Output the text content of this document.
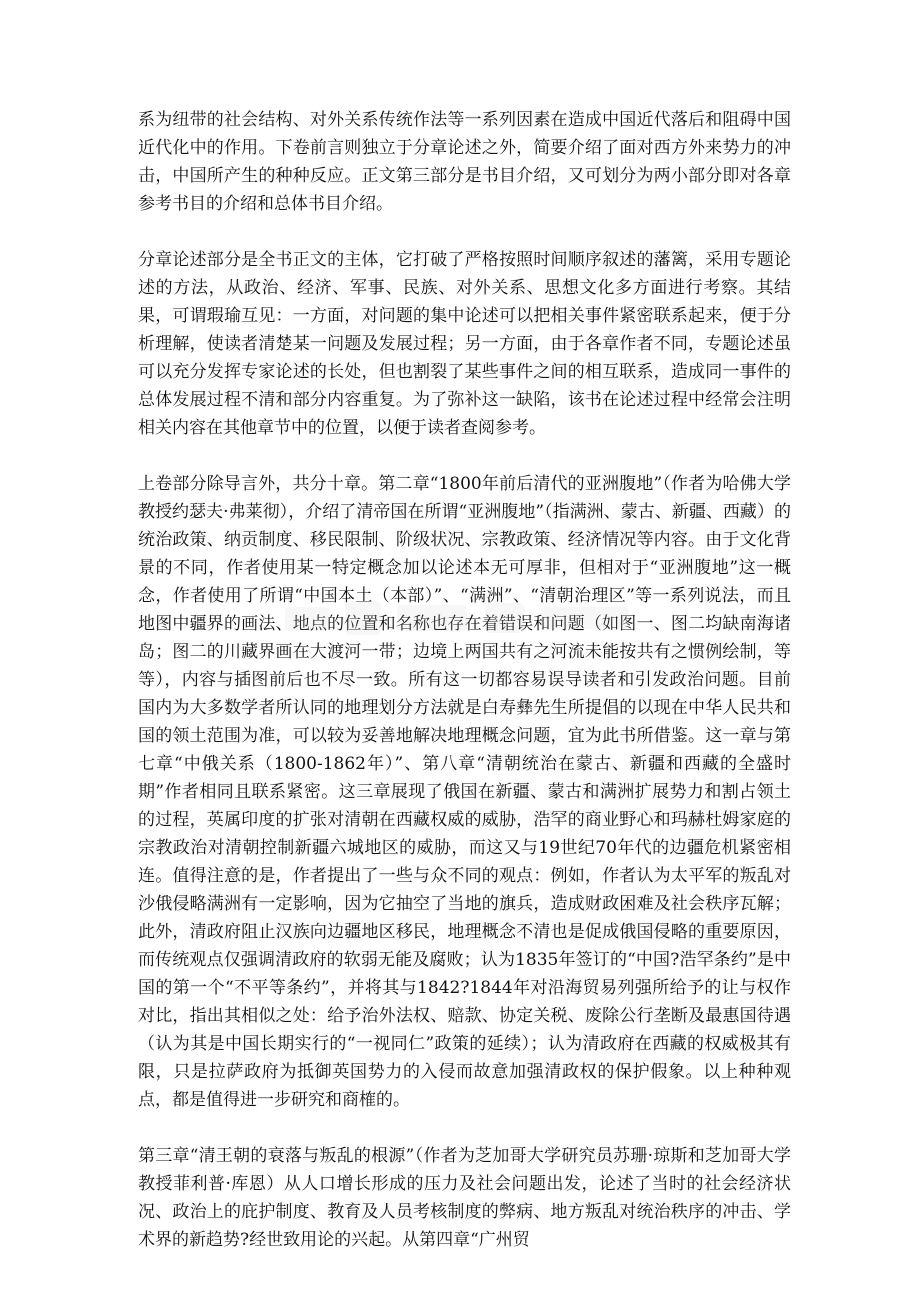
系为纽带的社会结构、对外关系传统作法等一系列因素在造成中国近代落后和阻碍中国近代化中的作用。下卷前言则独立于分章论述之外，简要介绍了面对西方外来势力的冲击，中国所产生的种种反应。正文第三部分是书目介绍，又可划分为两小部分即对各章参考书目的介绍和总体书目介绍。

分章论述部分是全书正文的主体，它打破了严格按照时间顺序叙述的藩篱，采用专题论述的方法，从政治、经济、军事、民族、对外关系、思想文化多方面进行考察。其结果，可谓瑕瑜互见：一方面，对问题的集中论述可以把相关事件紧密联系起来，便于分析理解，使读者清楚某一问题及发展过程；另一方面，由于各章作者不同，专题论述虽可以充分发挥专家论述的长处，但也割裂了某些事件之间的相互联系，造成同一事件的总体发展过程不清和部分内容重复。为了弥补这一缺陷，该书在论述过程中经常会注明相关内容在其他章节中的位置，以便于读者查阅参考。

上卷部分除导言外，共分十章。第二章“1800年前后清代的亚洲腹地”（作者为哈佛大学教授约瑟夫·弗莱彻），介绍了清帝国在所谓“亚洲腹地”（指满洲、蒙古、新疆、西藏）的统治政策、纳贡制度、移民限制、阶级状况、宗教政策、经济情况等内容。由于文化背景的不同，作者使用某一特定概念加以论述本无可厚非，但相对于“亚洲腹地”这一概念，作者使用了所谓“中国本土（本部）”、“满洲”、“清朝治理区”等一系列说法，而且地图中疆界的画法、地点的位置和名称也存在着错误和问题（如图一、图二均缺南海诸岛；图二的川藏界画在大渡河一带；边境上两国共有之河流未能按共有之惯例绘制，等等），内容与插图前后也不尽一致。所有这一切都容易误导读者和引发政治问题。目前国内为大多数学者所认同的地理划分方法就是白寿彝先生所提倡的以现在中华人民共和国的领土范围为准，可以较为妥善地解决地理概念问题，宜为此书所借鉴。这一章与第七章“中俄关系（1800-1862年）”、第八章“清朝统治在蒙古、新疆和西藏的全盛时期”作者相同且联系紧密。这三章展现了俄国在新疆、蒙古和满洲扩展势力和割占领土的过程，英属印度的扩张对清朝在西藏权威的威胁，浩罕的商业野心和玛赫杜姆家庭的宗教政治对清朝控制新疆六城地区的威胁，而这又与19世纪70年代的边疆危机紧密相连。值得注意的是，作者提出了一些与众不同的观点：例如，作者认为太平军的叛乱对沙俄侵略满洲有一定影响，因为它抽空了当地的旗兵，造成财政困难及社会秩序瓦解；此外，清政府阻止汉族向边疆地区移民，地理概念不清也是促成俄国侵略的重要原因，而传统观点仅强调清政府的软弱无能及腐败；认为1835年签订的“中国?浩罕条约”是中国的第一个“不平等条约”，并将其与1842?1844年对沿海贸易列强所给予的让与权作对比，指出其相似之处：给予治外法权、赔款、协定关税、废除公行垄断及最惠国待遇（认为其是中国长期实行的“一视同仁”政策的延续）；认为清政府在西藏的权威极其有限，只是拉萨政府为抵御英国势力的入侵而故意加强清政权的保护假象。以上种种观点，都是值得进一步研究和商榷的。

第三章“清王朝的衰落与叛乱的根源”（作者为芝加哥大学研究员苏珊·琼斯和芝加哥大学教授菲利普·库恩）从人口增长形成的压力及社会问题出发，论述了当时的社会经济状况、政治上的庇护制度、教育及人员考核制度的弊病、地方叛乱对统治秩序的冲击、学术界的新趋势?经世致用论的兴起。从第四章“广州贸
